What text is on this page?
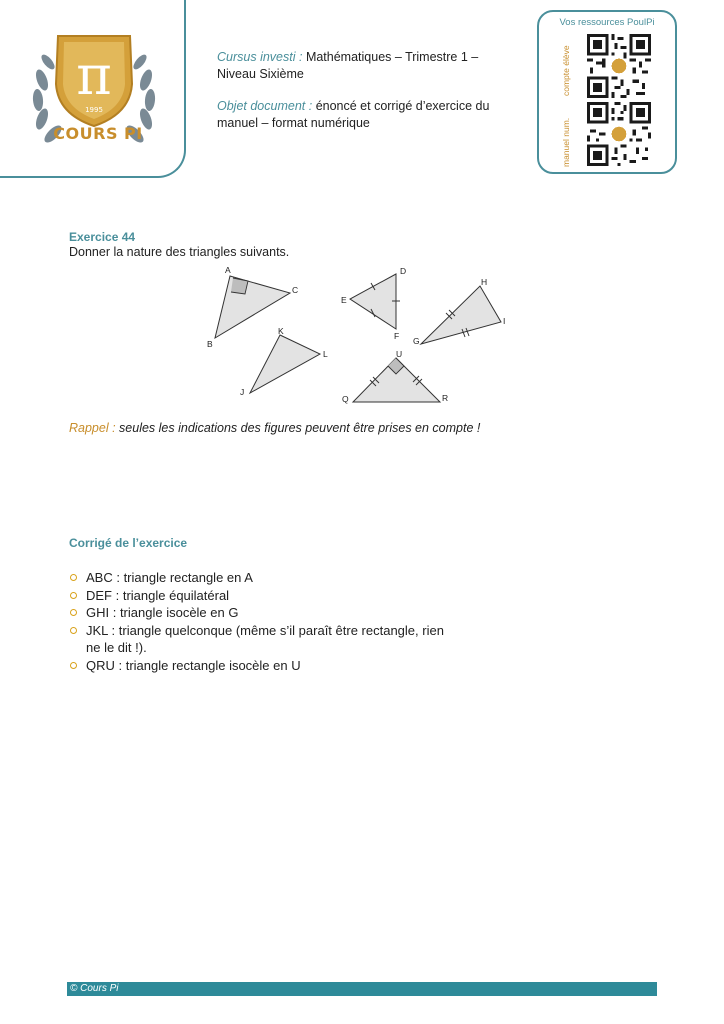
π
1995
COURS PI
Cursus investi : Mathématiques – Trimestre 1 – Niveau Sixième
Objet document : énoncé et corrigé d’exercice du manuel – format numérique
Vos ressources PoulPi
compte élève
manuel num.
Exercice 44
Donner la nature des triangles suivants.
A
B
C
D
E
F
H
G
I
K
J
L	U
Q	R
Rappel : seules les indications des figures peuvent être prises en compte !
Corrigé de l’exercice
ABC : triangle rectangle en A
DEF : triangle équilatéral
GHI : triangle isocèle en G
JKL : triangle quelconque (même s’il paraît être rectangle, rien ne le dit !).
QRU : triangle rectangle isocèle en U
© Cours Pi
